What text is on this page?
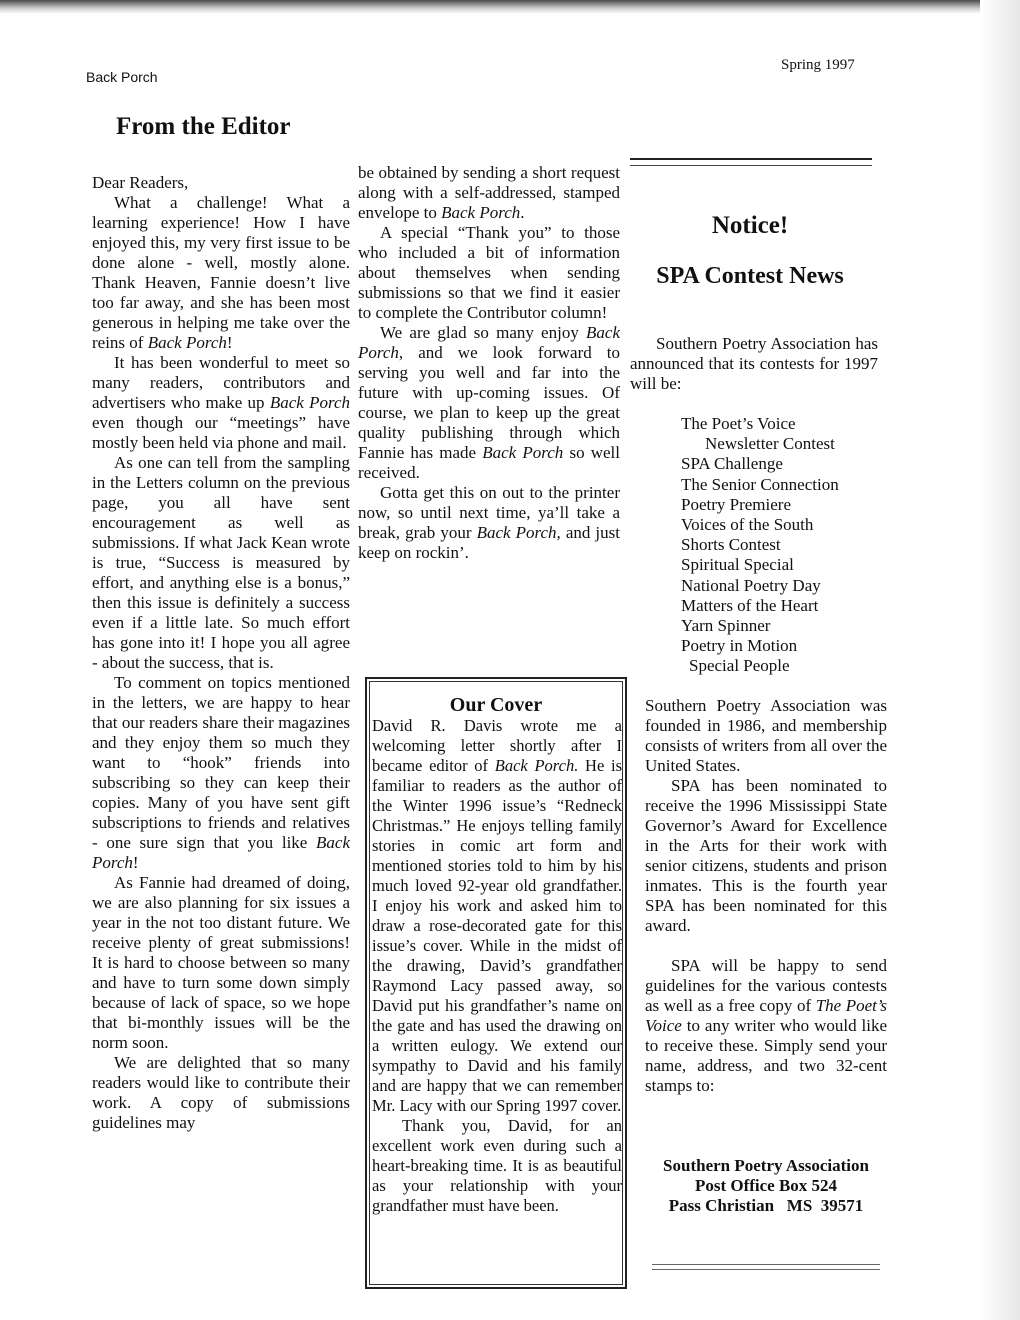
Back Porch
Spring 1997
From the Editor

Dear Readers,

What a challenge! What a learning experience! How I have enjoyed this, my very first issue to be done alone - well, mostly alone. Thank Heaven, Fannie doesn’t live too far away, and she has been most generous in helping me take over the reins of Back Porch!

It has been wonderful to meet so many readers, contributors and advertisers who make up Back Porch even though our “meetings” have mostly been held via phone and mail.

As one can tell from the sampling in the Letters column on the previous page, you all have sent encouragement as well as submissions. If what Jack Kean wrote is true, “Success is measured by effort, and anything else is a bonus,” then this issue is definitely a success even if a little late. So much effort has gone into it! I hope you all agree - about the success, that is.

To comment on topics mentioned in the letters, we are happy to hear that our readers share their magazines and they enjoy them so much they want to “hook” friends into subscribing so they can keep their copies. Many of you have sent gift subscriptions to friends and relatives - one sure sign that you like Back Porch!

As Fannie had dreamed of doing, we are also planning for six issues a year in the not too distant future. We receive plenty of great submissions! It is hard to choose between so many and have to turn some down simply because of lack of space, so we hope that bi-monthly issues will be the norm soon.

We are delighted that so many readers would like to contribute their work. A copy of submissions guidelines may

be obtained by sending a short request along with a self-addressed, stamped envelope to Back Porch.

A special “Thank you” to those who included a bit of information about themselves when sending submissions so that we find it easier to complete the Contributor column!

We are glad so many enjoy Back Porch, and we look forward to serving you well and far into the future with up-coming issues. Of course, we plan to keep up the great quality publishing through which Fannie has made Back Porch so well received.

Gotta get this on out to the printer now, so until next time, ya’ll take a break, grab your Back Porch, and just keep on rockin’.

Our Cover

David R. Davis wrote me a welcoming letter shortly after I became editor of Back Porch. He is familiar to readers as the author of the Winter 1996 issue’s “Redneck Christmas.” He enjoys telling family stories in comic art form and mentioned stories told to him by his much loved 92-year old grandfather. I enjoy his work and asked him to draw a rose-decorated gate for this issue’s cover. While in the midst of the drawing, David’s grandfather Raymond Lacy passed away, so David put his grandfather’s name on the gate and has used the drawing on a written eulogy. We extend our sympathy to David and his family and are happy that we can remember Mr. Lacy with our Spring 1997 cover.

Thank you, David, for an excellent work even during such a heart-breaking time. It is as beautiful as your relationship with your grandfather must have been.

Notice!
SPA Contest News

Southern Poetry Association has announced that its contests for 1997 will be:

The Poet’s Voice
Newsletter Contest
SPA Challenge
The Senior Connection
Poetry Premiere
Voices of the South
Shorts Contest
Spiritual Special
National Poetry Day
Matters of the Heart
Yarn Spinner
Poetry in Motion
Special People

Southern Poetry Association was founded in 1986, and membership consists of writers from all over the United States.

SPA has been nominated to receive the 1996 Mississippi State Governor’s Award for Excellence in the Arts for their work with senior citizens, students and prison inmates. This is the fourth year SPA has been nominated for this award.

SPA will be happy to send guidelines for the various contests as well as a free copy of The Poet’s Voice to any writer who would like to receive these. Simply send your name, address, and two 32-cent stamps to:

Southern Poetry Association
Post Office Box 524
Pass Christian   MS  39571
